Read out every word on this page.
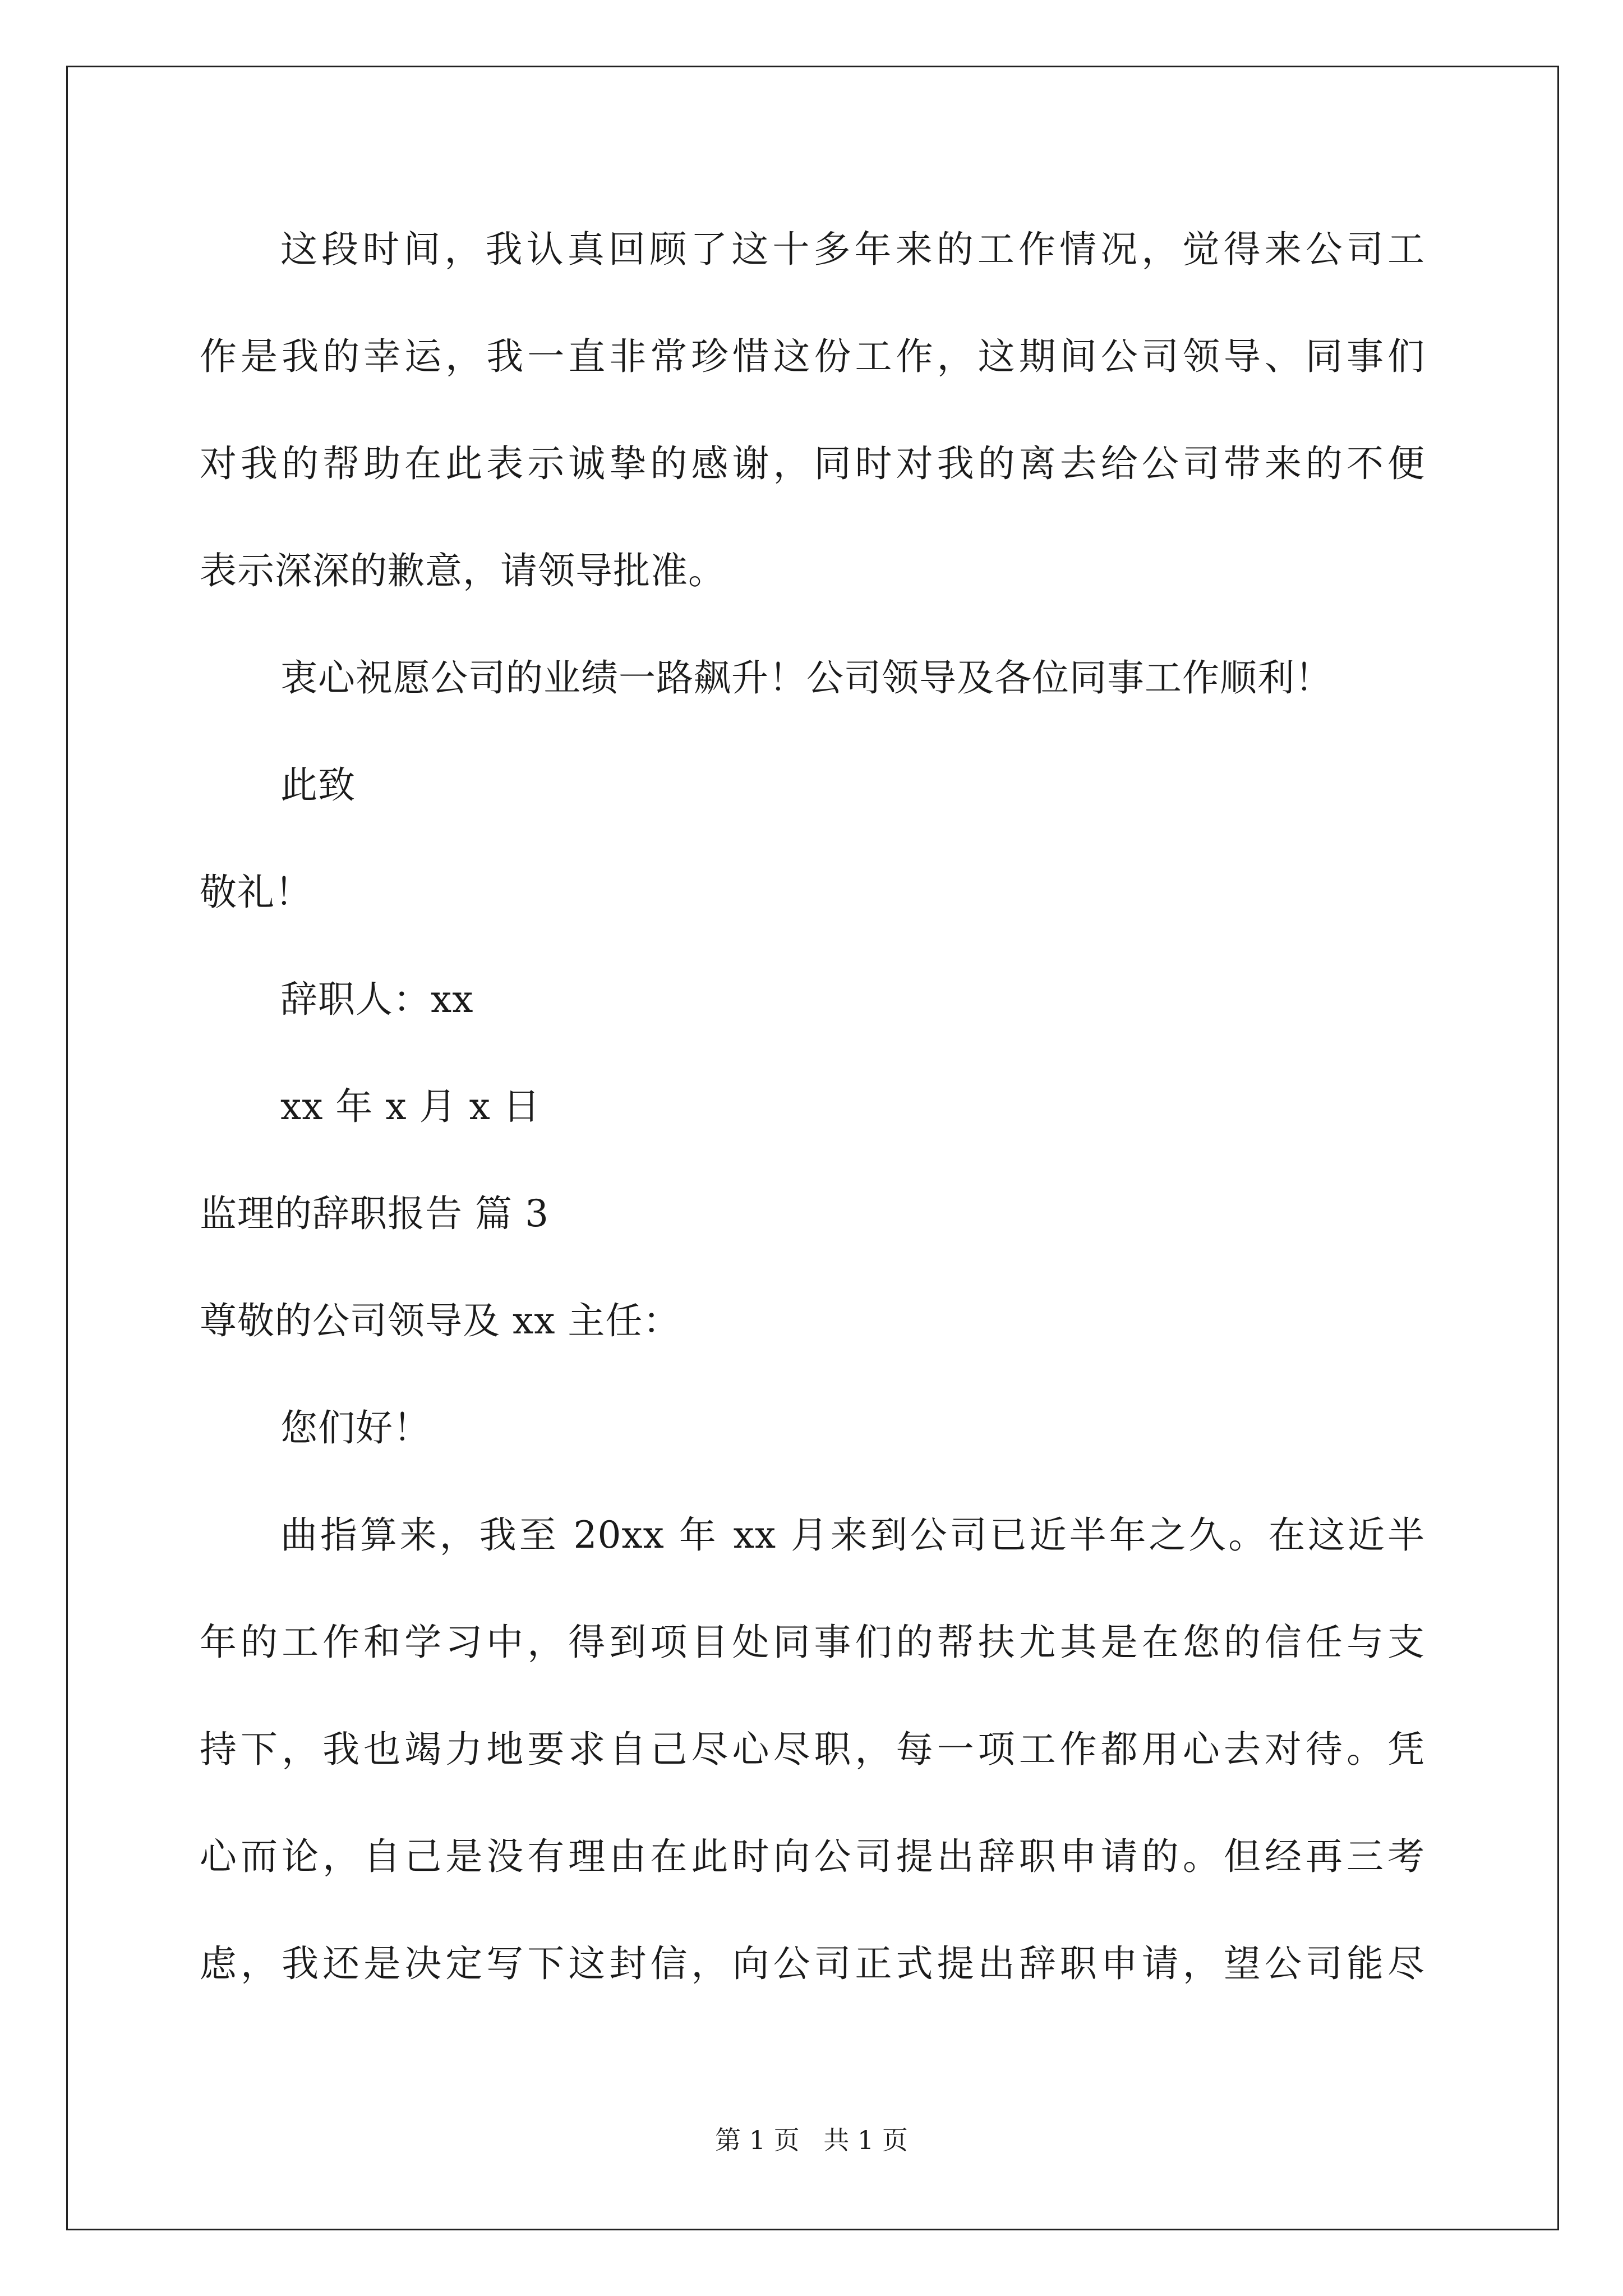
这段时间，我认真回顾了这十多年来的工作情况，觉得来公司工
作是我的幸运，我一直非常珍惜这份工作，这期间公司领导、同事们
对我的帮助在此表示诚挚的感谢，同时对我的离去给公司带来的不便
表示深深的歉意，请领导批准。
衷心祝愿公司的业绩一路飙升！公司领导及各位同事工作顺利！
此致
敬礼！
辞职人：xx
xx 年 x 月 x 日
监理的辞职报告 篇 3
尊敬的公司领导及 xx 主任：
您们好！
曲指算来，我至 20xx 年 xx 月来到公司已近半年之久。在这近半
年的工作和学习中，得到项目处同事们的帮扶尤其是在您的信任与支
持下，我也竭力地要求自己尽心尽职，每一项工作都用心去对待。凭
心而论，自己是没有理由在此时向公司提出辞职申请的。但经再三考
虑，我还是决定写下这封信，向公司正式提出辞职申请，望公司能尽
第 1 页 共 1 页
